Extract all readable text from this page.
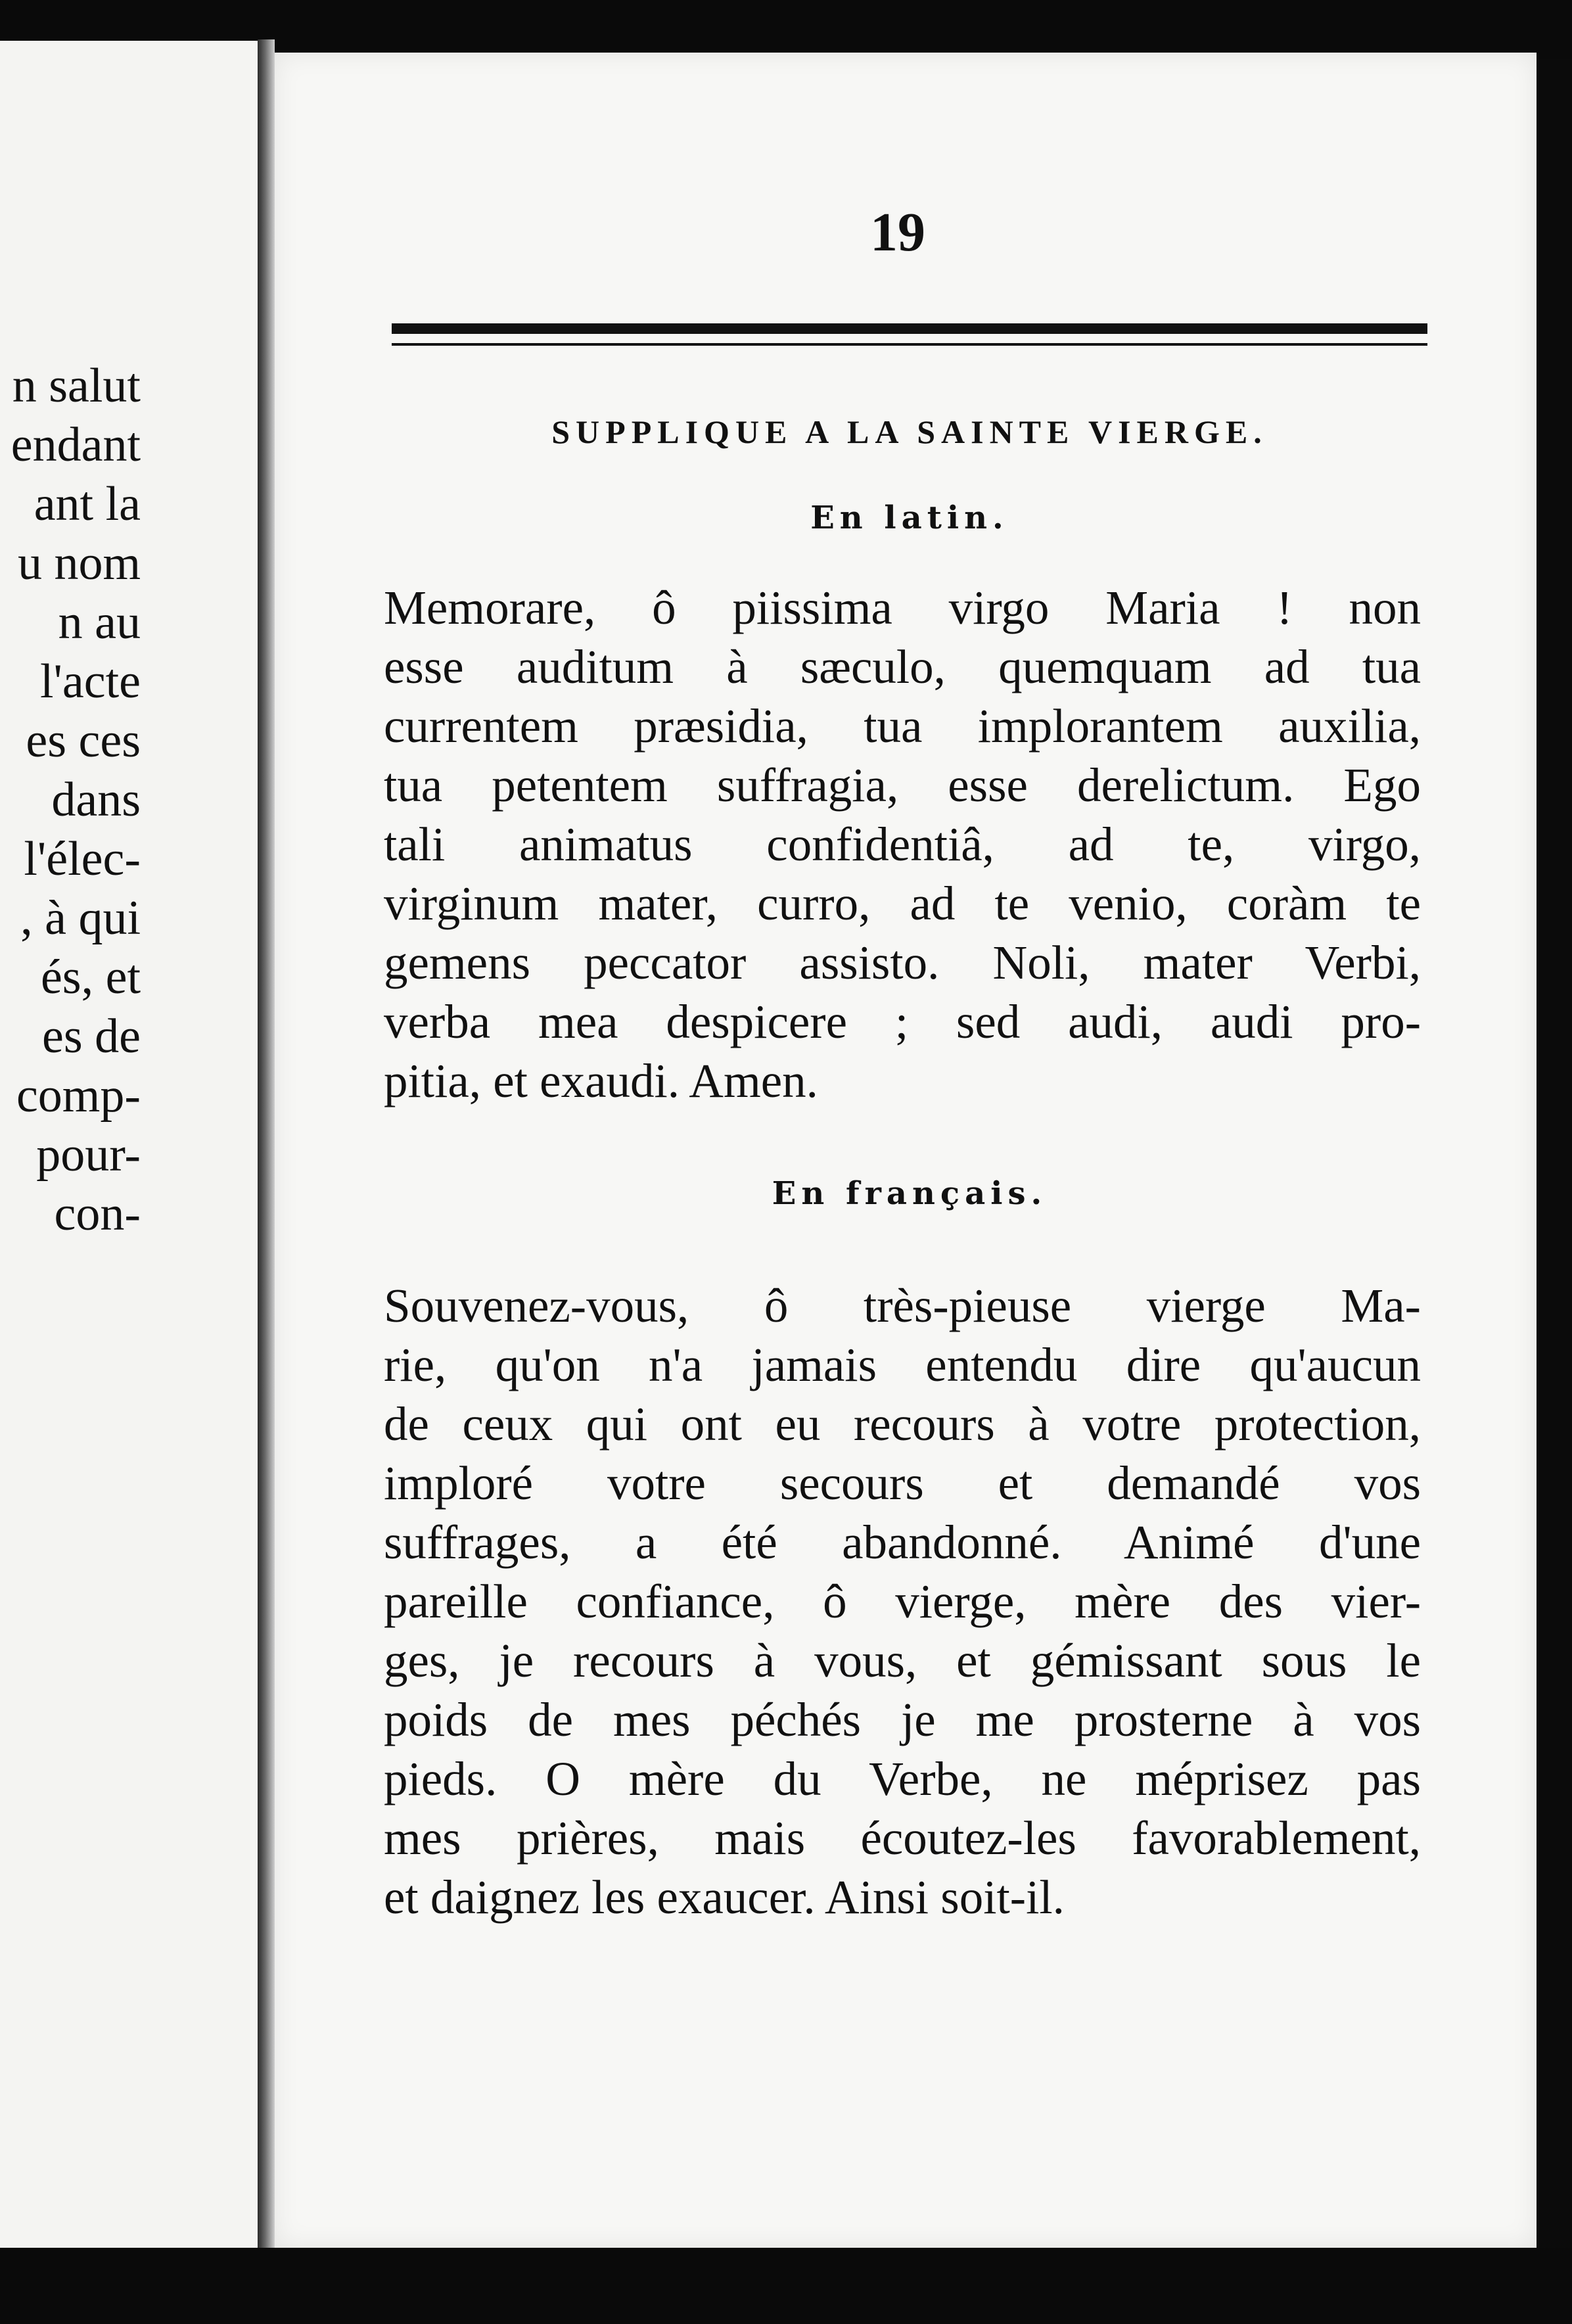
n salut
endant
ant la
u nom
n au
l'acte
es ces
dans
l'élec-
, à qui
és, et
es de
comp-
pour-
con-
19
SUPPLIQUE A LA SAINTE VIERGE.
En latin.

Memorare, ô piissima virgo Maria ! non
esse auditum à sæculo, quemquam ad tua
currentem præsidia, tua implorantem auxilia,
tua petentem suffragia, esse derelictum. Ego
tali animatus confidentiâ, ad te, virgo,
virginum mater, curro, ad te venio, coràm te
gemens peccator assisto. Noli, mater Verbi,
verba mea despicere ; sed audi, audi pro-
pitia, et exaudi. Amen.

En français.

Souvenez-vous, ô très-pieuse vierge Ma-
rie, qu'on n'a jamais entendu dire qu'aucun
de ceux qui ont eu recours à votre protection,
imploré votre secours et demandé vos
suffrages, a été abandonné. Animé d'une
pareille confiance, ô vierge, mère des vier-
ges, je recours à vous, et gémissant sous le
poids de mes péchés je me prosterne à vos
pieds. O mère du Verbe, ne méprisez pas
mes prières, mais écoutez-les favorablement,
et daignez les exaucer. Ainsi soit-il.
